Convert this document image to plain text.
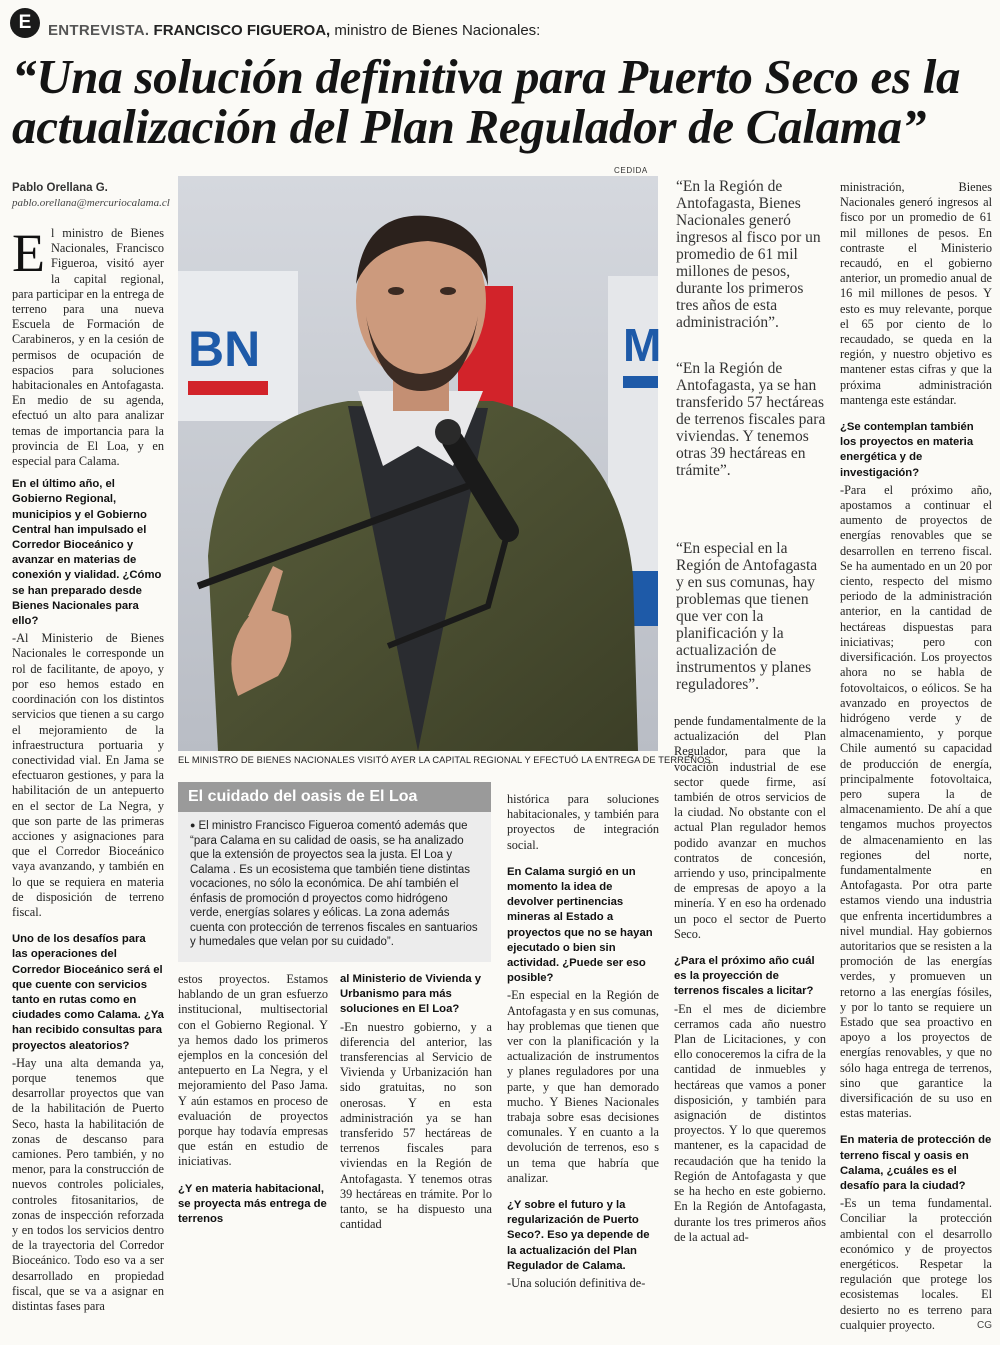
E	ENTREVISTA. FRANCISCO FIGUEROA, ministro de Bienes Nacionales:
“Una solución definitiva para Puerto Seco es la actualización del Plan Regulador de Calama”
Pablo Orellana G.
pablo.orellana@mercuriocalama.cl

El ministro de Bienes Nacionales, Francisco Figueroa, visitó ayer la capital regional, para participar en la entrega de terreno para una nueva Escuela de Formación de Carabineros, y en la cesión de permisos de ocupación de espacios para soluciones habitacionales en Antofagasta. En medio de su agenda, efectuó un alto para analizar temas de importancia para la provincia de El Loa, y en especial para Calama.

En el último año, el Gobierno Regional, municipios y el Gobierno Central han impulsado el Corredor Bioceánico y avanzar en materias de conexión y vialidad. ¿Cómo se han preparado desde Bienes Nacionales para ello?

-Al Ministerio de Bienes Nacionales le corresponde un rol de facilitante, de apoyo, y por eso hemos estado en coordinación con los distintos servicios que tienen a su cargo el mejoramiento de la infraestructura portuaria y conectividad vial. En Jama se efectuaron gestiones, y para la habilitación de un antepuerto en el sector de La Negra, y que son parte de las primeras acciones y asignaciones para que el Corredor Bioceánico vaya avanzando, y también en lo que se requiera en materia de disposición de terreno fiscal.

Uno de los desafíos para las operaciones del Corredor Bioceánico será el que cuente con servicios tanto en rutas como en ciudades como Calama. ¿Ya han recibido consultas para proyectos aleatorios?

-Hay una alta demanda ya, porque tenemos que desarrollar proyectos que van de la habilitación de Puerto Seco, hasta la habilitación de zonas de descanso para camiones. Pero también, y no menor, para la construcción de nuevos controles policiales, controles fitosanitarios, de zonas de inspección reforzada y en todos los servicios dentro de la trayectoria del Corredor Bioceánico. Todo eso va a ser desarrollado en propiedad fiscal, que se va a asignar en distintas fases para

CEDIDA
BN	M
EL MINISTRO DE BIENES NACIONALES VISITÓ AYER LA CAPITAL REGIONAL Y EFECTUÓ LA ENTREGA DE TERRENOS.
“En la Región de Antofagasta, Bienes Nacionales generó ingresos al fisco por un promedio de 61 mil millones de pesos, durante los primeros tres años de esta administración”.
“En la Región de Antofagasta, ya se han transferido 57 hectáreas de terrenos fiscales para viviendas. Y tenemos otras 39 hectáreas en trámite”.
“En especial en la Región de Antofagasta y en sus comunas, hay problemas que tienen que ver con la planificación y la actualización de instrumentos y planes reguladores”.
El cuidado del oasis de El Loa
● El ministro Francisco Figueroa comentó además que “para Calama en su calidad de oasis, se ha analizado que la extensión de proyectos sea la justa. El Loa y Calama . Es un ecosistema que también tiene distintas vocaciones, no sólo la económica. De ahí también el énfasis de promoción d proyectos como hidrógeno verde, energías solares y eólicas. La zona además cuenta con protección de terrenos fiscales en santuarios y humedales que velan por su cuidado”.

estos proyectos. Estamos hablando de un gran esfuerzo institucional, multisectorial con el Gobierno Regional. Y ya hemos dado los primeros ejemplos en la concesión del antepuerto en La Negra, y el mejoramiento del Paso Jama. Y aún estamos en proceso de evaluación de proyectos porque hay todavía empresas que están en estudio de iniciativas.

¿Y en materia habitacional, se proyecta más entrega de terrenos

al Ministerio de Vivienda y Urbanismo para más soluciones en El Loa?

-En nuestro gobierno, y a diferencia del anterior, las transferencias al Servicio de Vivienda y Urbanización han sido gratuitas, no son onerosas. Y en esta administración ya se han transferido 57 hectáreas de terrenos fiscales para viviendas en la Región de Antofagasta. Y tenemos otras 39 hectáreas en trámite. Por lo tanto, se ha dispuesto una cantidad

histórica para soluciones habitacionales, y también para proyectos de integración social.

En Calama surgió en un momento la idea de devolver pertinencias mineras al Estado a proyectos que no se hayan ejecutado o bien sin actividad. ¿Puede ser eso posible?

-En especial en la Región de Antofagasta y en sus comunas, hay problemas que tienen que ver con la planificación y la actualización de instrumentos y planes reguladores por una parte, y que han demorado mucho. Y Bienes Nacionales trabaja sobre esas decisiones comunales. Y en cuanto a la devolución de terrenos, eso s un tema que habría que analizar.

¿Y sobre el futuro y la regularización de Puerto Seco?. Eso ya depende de la actualización del Plan Regulador de Calama.

-Una solución definitiva de-

pende fundamentalmente de la actualización del Plan Regulador, para que la vocación industrial de ese sector quede firme, así también de otros servicios de la ciudad. No obstante con el actual Plan regulador hemos podido avanzar en muchos contratos de concesión, arriendo y uso, principalmente de empresas de apoyo a la minería. Y en eso ha ordenado un poco el sector de Puerto Seco.

¿Para el próximo año cuál es la proyección de terrenos fiscales a licitar?

-En el mes de diciembre cerramos cada año nuestro Plan de Licitaciones, y con ello conoceremos la cifra de la cantidad de inmuebles y hectáreas que vamos a poner disposición, y también para asignación de distintos proyectos. Y lo que queremos mantener, es la capacidad de recaudación que ha tenido la Región de Antofagasta y que se ha hecho en este gobierno. En la Región de Antofagasta, durante los tres primeros años de la actual ad-

ministración, Bienes Nacionales generó ingresos al fisco por un promedio de 61 mil millones de pesos. En contraste el Ministerio recaudó, en el gobierno anterior, un promedio anual de 16 mil millones de pesos. Y esto es muy relevante, porque el 65 por ciento de lo recaudado, se queda en la región, y nuestro objetivo es mantener estas cifras y que la próxima administración mantenga este estándar.

¿Se contemplan también los proyectos en materia energética y de investigación?

-Para el próximo año, apostamos a continuar el aumento de proyectos de energías renovables que se desarrollen en terreno fiscal. Se ha aumentado en un 20 por ciento, respecto del mismo periodo de la administración anterior, en la cantidad de hectáreas dispuestas para iniciativas; pero con diversificación. Los proyectos ahora no se habla de fotovoltaicos, o eólicos. Se ha avanzado en proyectos de hidrógeno verde y de almacenamiento, y porque Chile aumentó su capacidad de producción de energía, principalmente fotovoltaica, pero supera la de almacenamiento. De ahí a que tengamos muchos proyectos de almacenamiento en las regiones del norte, fundamentalmente en Antofagasta. Por otra parte estamos viendo una industria que enfrenta incertidumbres a nivel mundial. Hay gobiernos autoritarios que se resisten a la promoción de las energías verdes, y promueven un retorno a las energías fósiles, y por lo tanto se requiere un Estado que sea proactivo en apoyo a los proyectos de energías renovables, y que no sólo haga entrega de terrenos, sino que garantice la diversificación de su uso en estas materias.

En materia de protección de terreno fiscal y oasis en Calama, ¿cuáles es el desafío para la ciudad?

-Es un tema fundamental. Conciliar la protección ambiental con el desarrollo económico y de proyectos energéticos. Respetar la regulación que protege los ecosistemas locales. El desierto no es terreno para cualquier proyecto.	CG
